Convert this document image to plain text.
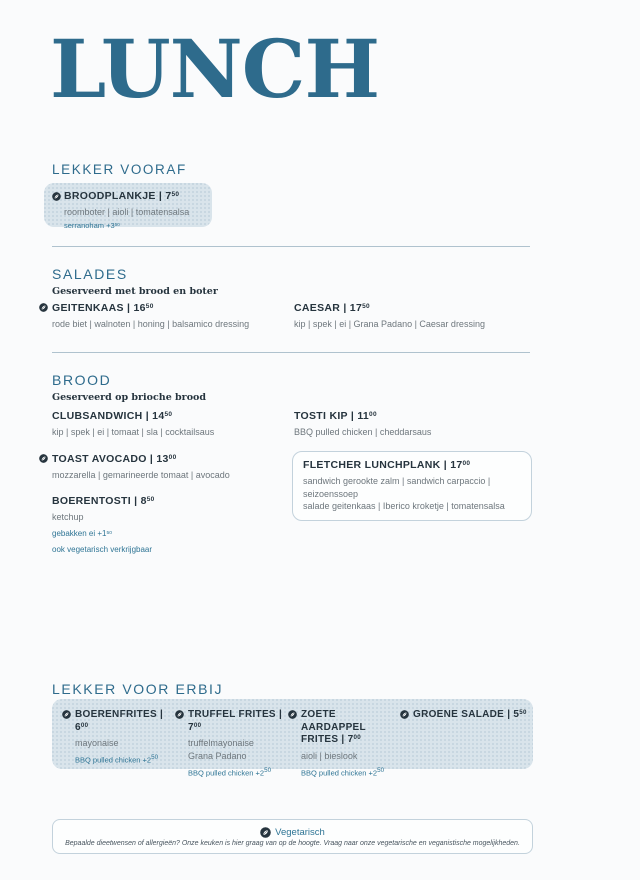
LUNCH
LEKKER VOORAF
BROODPLANKJE | $7^{50}$
roomboter | aioli | tomatensalsa
serranoham $+3^{50}$
SALADES
Geserveerd met brood en boter
GEITENKAAS | $16^{50}$
rode biet | walnoten | honing | balsamico dressing
CAESAR | $17^{50}$
kip | spek | ei | Grana Padano | Caesar dressing
BROOD
Geserveerd op brioche brood
CLUBSANDWICH | $14^{50}$
kip | spek | ei | tomaat | sla | cocktailsaus
TOAST AVOCADO | $13^{00}$
mozzarella | gemarineerde tomaat | avocado
BOERENTOSTI | $8^{50}$
ketchup
gebakken ei $+1^{50}$
ook vegetarisch verkrijgbaar
TOSTI KIP | $11^{00}$
BBQ pulled chicken | cheddarsaus
FLETCHER LUNCHPLANK | $17^{00}$
sandwich gerookte zalm | sandwich carpaccio | seizoenssoep
salade geitenkaas | Iberico kroketje | tomatensalsa
LEKKER VOOR ERBIJ
BOERENFRITES | $6^{00}$
mayonaise
BBQ pulled chicken $+2^{50}$
TRUFFEL FRITES | $7^{00}$
truffelmayonaise
Grana Padano
BBQ pulled chicken $+2^{50}$
ZOETE AARDAPPEL FRITES | $7^{00}$
aioli | bieslook
BBQ pulled chicken $+2^{50}$
GROENE SALADE | $5^{50}$
Vegetarisch
Bepaalde dieetwensen of allergieën? Onze keuken is hier graag van op de hoogte. Vraag naar onze vegetarische en veganistische mogelijkheden.
